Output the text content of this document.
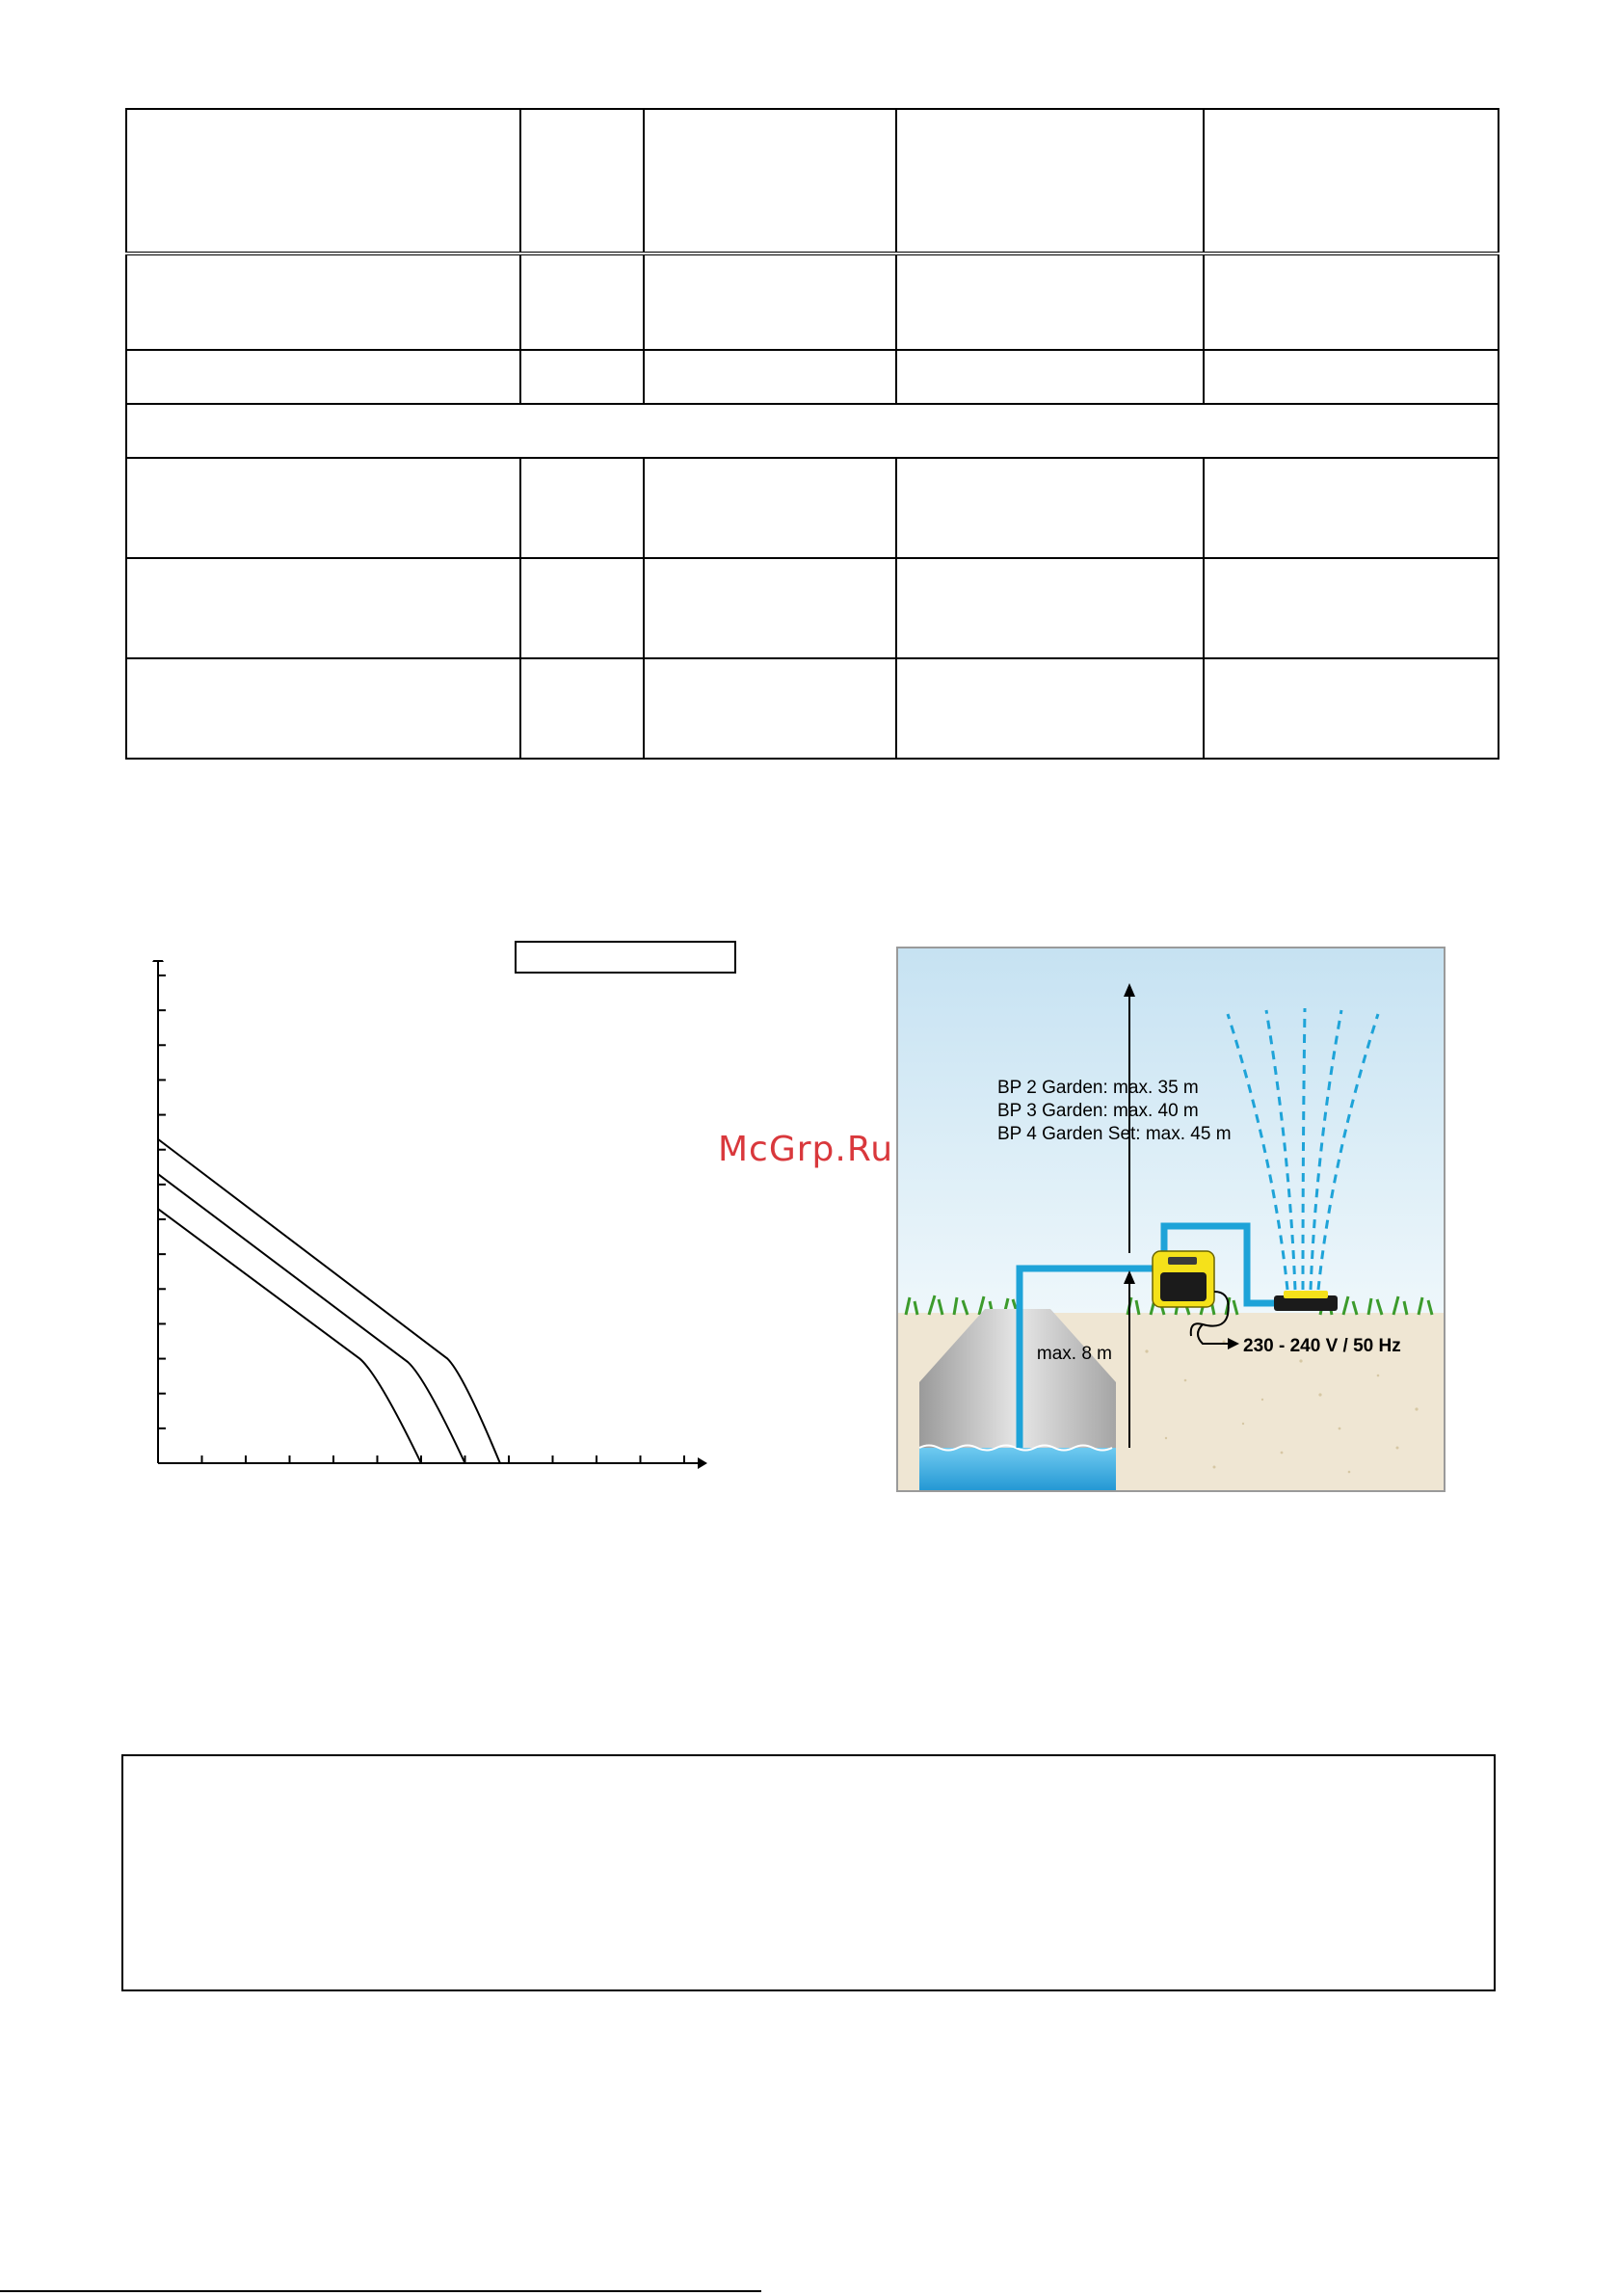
McGrp.Ru
BP 2 Garden: max. 35 m
BP 3 Garden: max. 40 m
BP 4 Garden Set: max. 45 m
max. 8 m	230 - 240 V / 50 Hz
